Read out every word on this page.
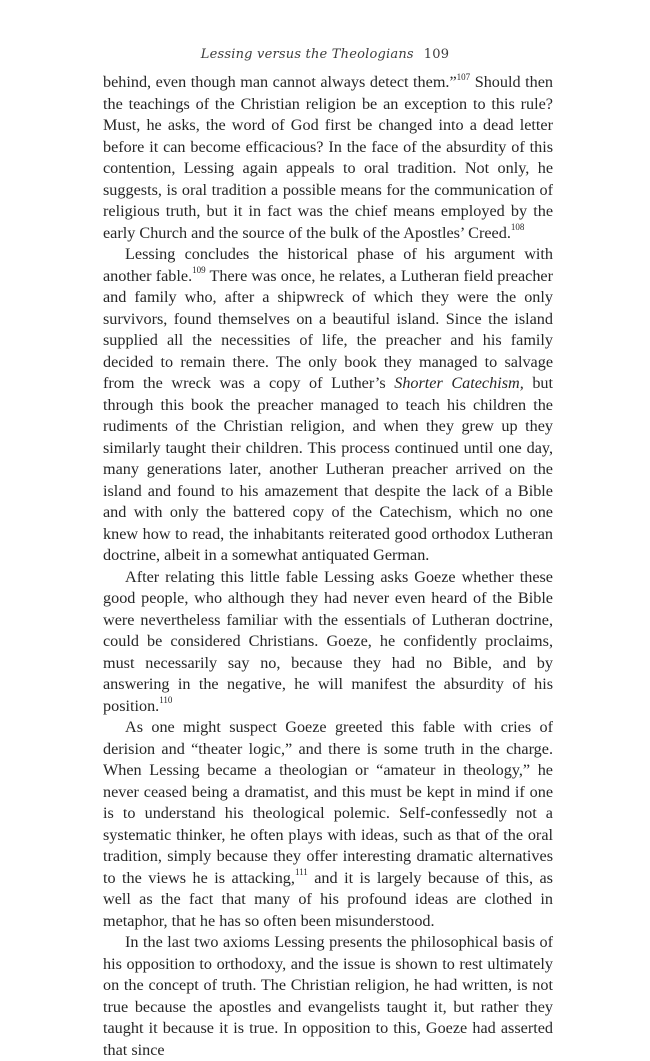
Lessing versus the Theologians 109

behind, even though man cannot always detect them.”$^{107}$ Should then the teachings of the Christian religion be an exception to this rule? Must, he asks, the word of God first be changed into a dead letter before it can become efficacious? In the face of the absurdity of this contention, Lessing again appeals to oral tradition. Not only, he suggests, is oral tradition a possible means for the communication of religious truth, but it in fact was the chief means employed by the early Church and the source of the bulk of the Apostles’ Creed.$^{108}$

Lessing concludes the historical phase of his argument with another fable.$^{109}$ There was once, he relates, a Lutheran field preacher and family who, after a shipwreck of which they were the only survivors, found themselves on a beautiful island. Since the island supplied all the necessities of life, the preacher and his family decided to remain there. The only book they managed to salvage from the wreck was a copy of Luther’s Shorter Catechism, but through this book the preacher managed to teach his children the rudiments of the Christian religion, and when they grew up they similarly taught their children. This process continued until one day, many generations later, another Lutheran preacher arrived on the island and found to his amazement that despite the lack of a Bible and with only the battered copy of the Catechism, which no one knew how to read, the inhabitants reiterated good orthodox Lutheran doctrine, albeit in a somewhat antiquated German.

After relating this little fable Lessing asks Goeze whether these good people, who although they had never even heard of the Bible were nevertheless familiar with the essentials of Lutheran doctrine, could be considered Christians. Goeze, he confidently proclaims, must necessarily say no, because they had no Bible, and by answering in the negative, he will manifest the absurdity of his position.$^{110}$

As one might suspect Goeze greeted this fable with cries of derision and “theater logic,” and there is some truth in the charge. When Lessing became a theologian or “amateur in theology,” he never ceased being a dramatist, and this must be kept in mind if one is to understand his theological polemic. Self-confessedly not a systematic thinker, he often plays with ideas, such as that of the oral tradition, simply because they offer interesting dramatic alternatives to the views he is attacking,$^{111}$ and it is largely because of this, as well as the fact that many of his profound ideas are clothed in metaphor, that he has so often been misunderstood.

In the last two axioms Lessing presents the philosophical basis of his opposition to orthodoxy, and the issue is shown to rest ultimately on the concept of truth. The Christian religion, he had written, is not true because the apostles and evangelists taught it, but rather they taught it because it is true. In opposition to this, Goeze had asserted that since
